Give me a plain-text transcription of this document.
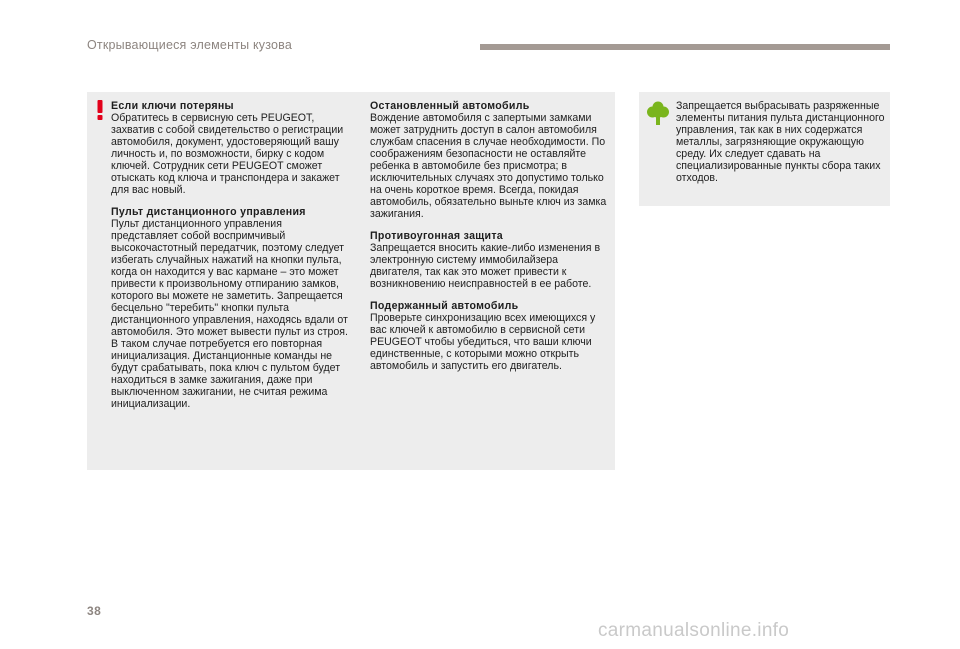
Открывающиеся элементы кузова
Если ключи потеряны

Обратитесь в сервисную сеть PEUGEOT, захватив с собой свидетельство о регистрации автомобиля, документ, удостоверяющий вашу личность и, по возможности, бирку с кодом ключей. Сотрудник сети PEUGEOT сможет отыскать код ключа и транспондера и закажет для вас новый.

Пульт дистанционного управления

Пульт дистанционного управления представляет собой воспримчивый высокочастотный передатчик, поэтому следует избегать случайных нажатий на кнопки пульта, когда он находится у вас кармане – это может привести к произвольному отпиранию замков, которого вы можете не заметить. Запрещается бесцельно "теребить" кнопки пульта дистанционного управления, находясь вдали от автомобиля. Это может вывести пульт из строя. В таком случае потребуется его повторная инициализация. Дистанционные команды не будут срабатывать, пока ключ с пультом будет находиться в замке зажигания, даже при выключенном зажигании, не считая режима инициализации.

Остановленный автомобиль

Вождение автомобиля с запертыми замками может затруднить доступ в салон автомобиля службам спасения в случае необходимости. По соображениям безопасности не оставляйте ребенка в автомобиле без присмотра; в исключительных случаях это допустимо только на очень короткое время. Всегда, покидая автомобиль, обязательно выньте ключ из замка зажигания.

Противоугонная защита

Запрещается вносить какие-либо изменения в электронную систему иммобилайзера двигателя, так как это может привести к возникновению неисправностей в ее работе.

Подержанный автомобиль

Проверьте синхронизацию всех имеющихся у вас ключей к автомобилю в сервисной сети PEUGEOT чтобы убедиться, что ваши ключи единственные, с которыми можно открыть автомобиль и запустить его двигатель.

Запрещается выбрасывать разряженные элементы питания пульта дистанционного управления, так как в них содержатся металлы, загрязняющие окружающую среду. Их следует сдавать на специализированные пункты сбора таких отходов.
38
carmanualsonline.info
